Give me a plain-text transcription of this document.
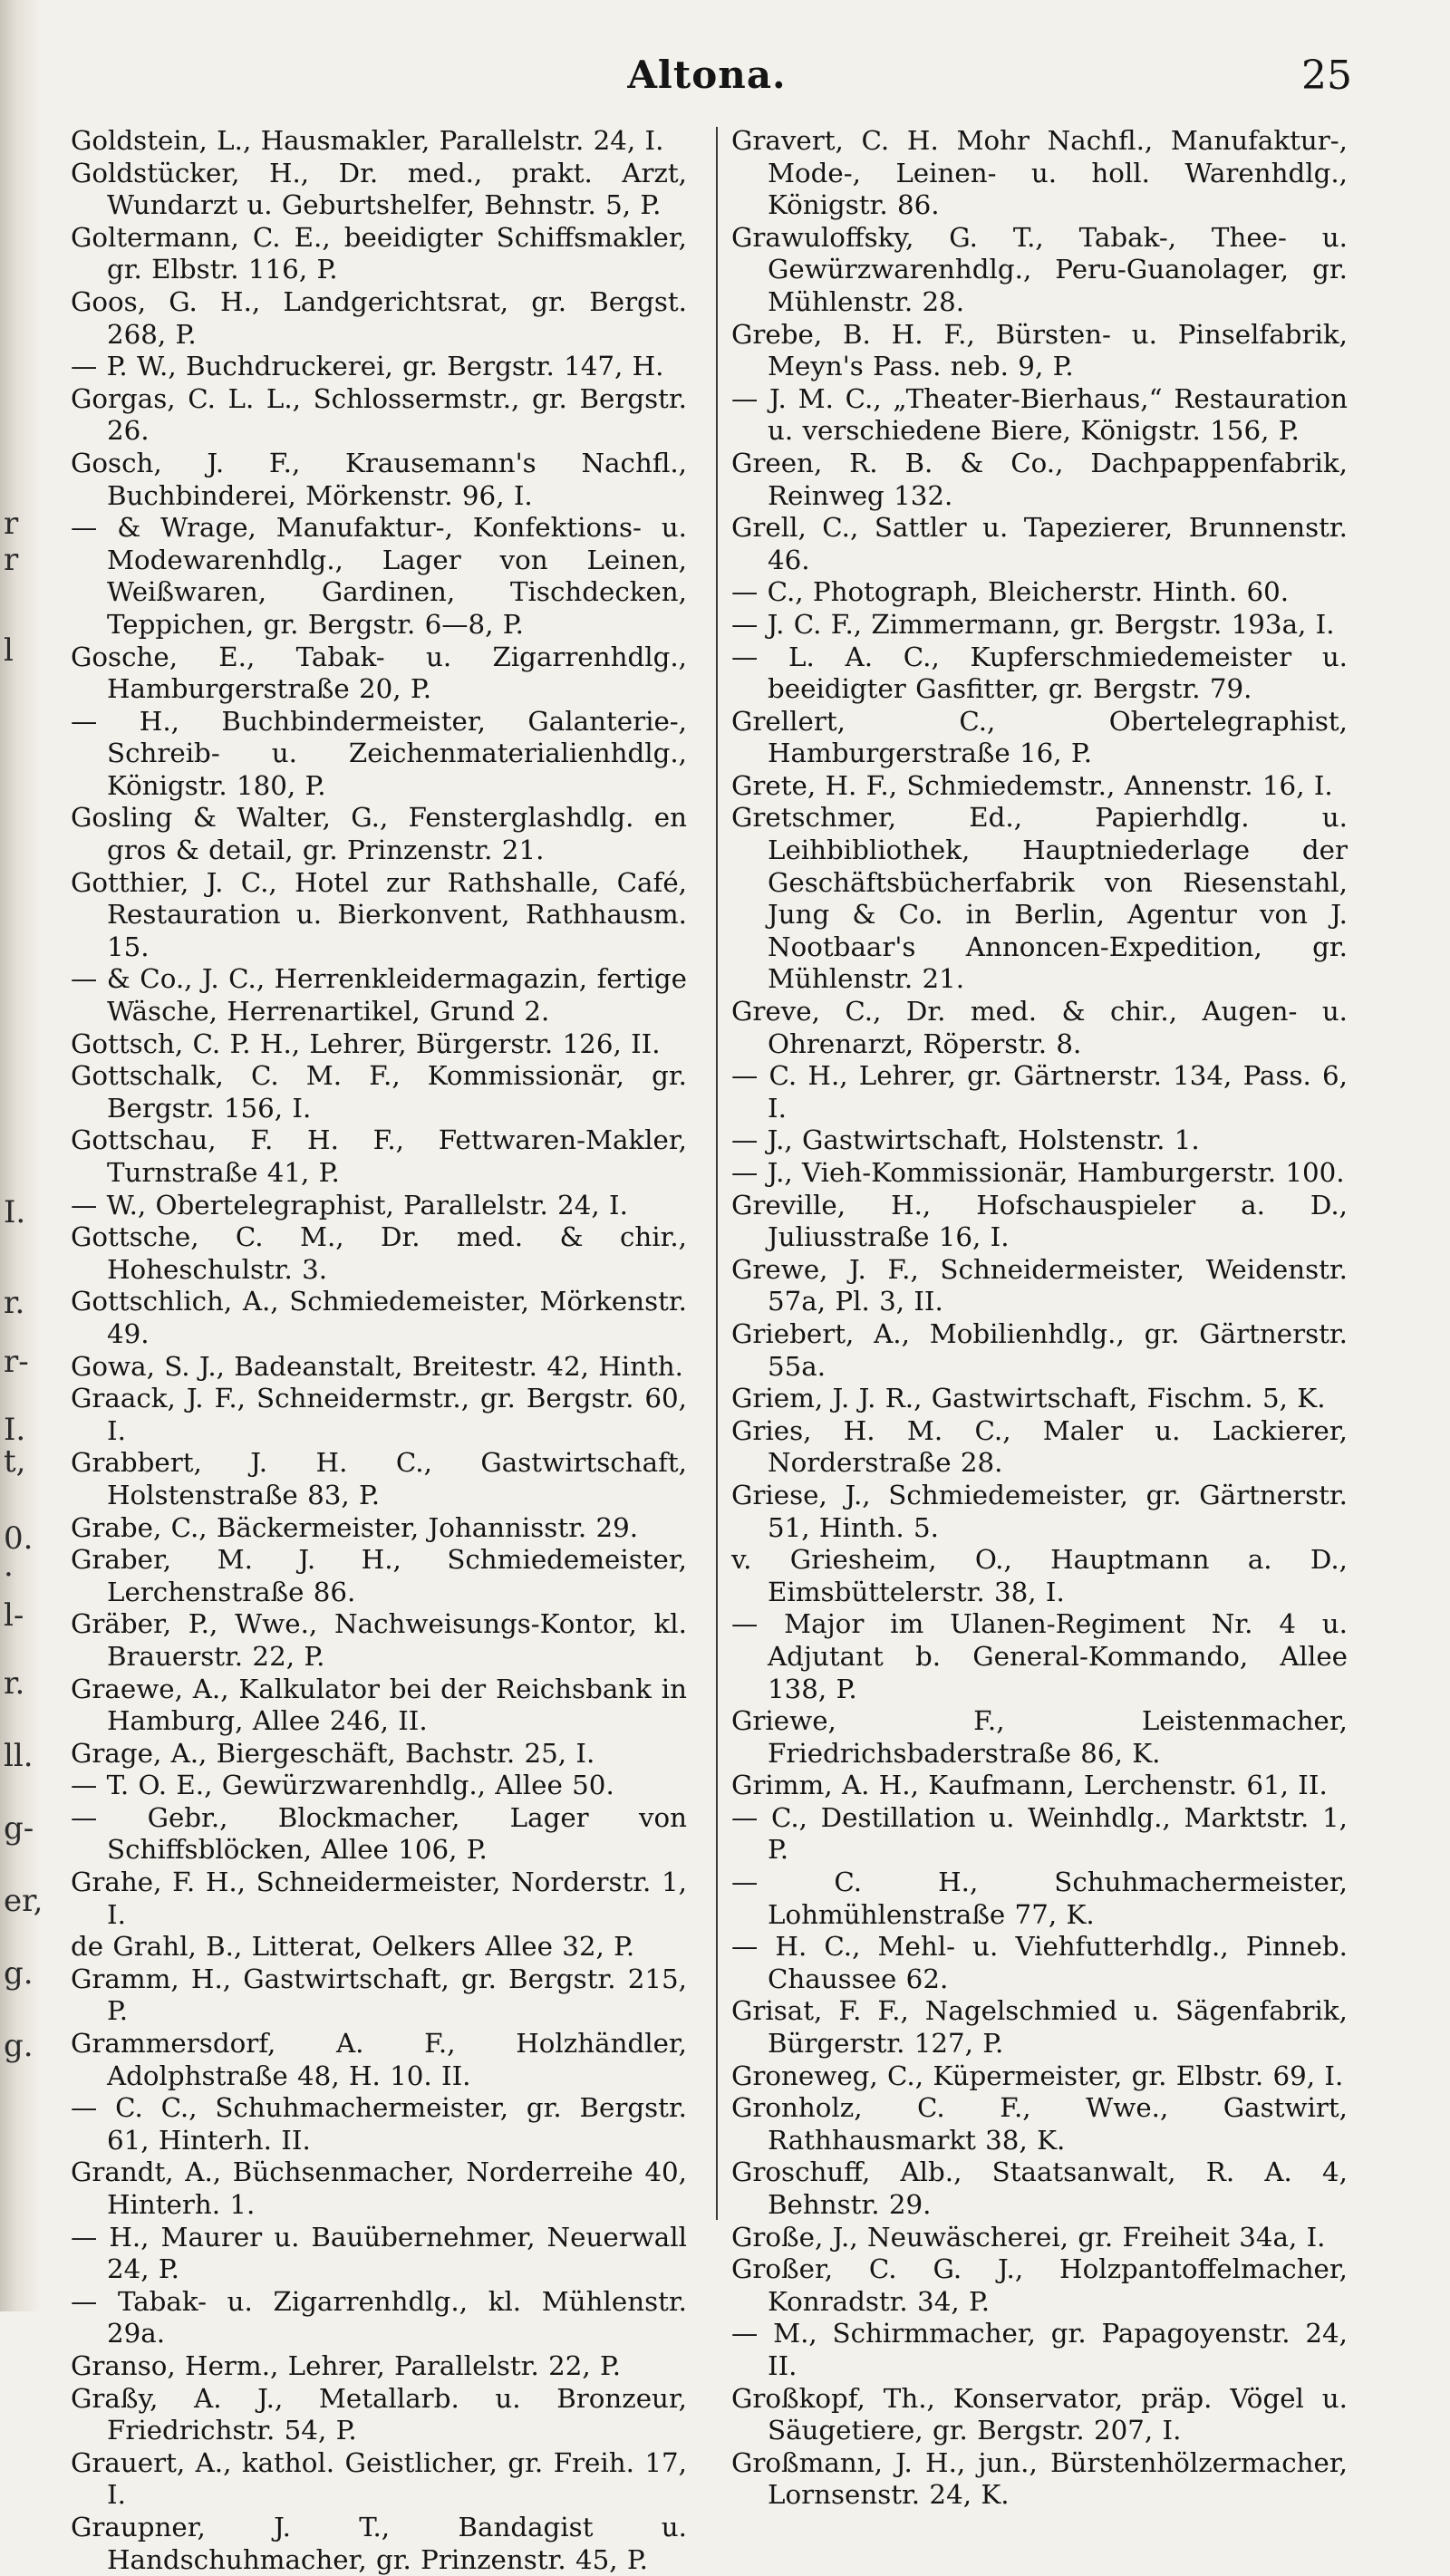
r
r
l
I.
r.
r-
I.
t,
0.
·
l-
r.
ll.
g-
er,
g.
g.
Altona.	25

Goldstein, L., Hausmakler, Parallelstr. 24, I.

Goldstücker, H., Dr. med., prakt. Arzt, Wundarzt u. Geburtshelfer, Behnstr. 5, P.

Goltermann, C. E., beeidigter Schiffsmakler, gr. Elbstr. 116, P.

Goos, G. H., Landgerichtsrat, gr. Bergst. 268, P.

— P. W., Buchdruckerei, gr. Bergstr. 147, H.

Gorgas, C. L. L., Schlossermstr., gr. Bergstr. 26.

Gosch, J. F., Krausemann's Nachfl., Buchbinderei, Mörkenstr. 96, I.

— & Wrage, Manufaktur-, Konfektions- u. Modewarenhdlg., Lager von Leinen, Weißwaren, Gardinen, Tischdecken, Teppichen, gr. Bergstr. 6—8, P.

Gosche, E., Tabak- u. Zigarrenhdlg., Hamburgerstraße 20, P.

— H., Buchbindermeister, Galanterie-, Schreib- u. Zeichenmaterialienhdlg., Königstr. 180, P.

Gosling & Walter, G., Fensterglashdlg. en gros & detail, gr. Prinzenstr. 21.

Gotthier, J. C., Hotel zur Rathshalle, Café, Restauration u. Bierkonvent, Rathhausm. 15.

— & Co., J. C., Herrenkleidermagazin, fertige Wäsche, Herrenartikel, Grund 2.

Gottsch, C. P. H., Lehrer, Bürgerstr. 126, II.

Gottschalk, C. M. F., Kommissionär, gr. Bergstr. 156, I.

Gottschau, F. H. F., Fettwaren-Makler, Turnstraße 41, P.

— W., Obertelegraphist, Parallelstr. 24, I.

Gottsche, C. M., Dr. med. & chir., Hoheschulstr. 3.

Gottschlich, A., Schmiedemeister, Mörkenstr. 49.

Gowa, S. J., Badeanstalt, Breitestr. 42, Hinth.

Graack, J. F., Schneidermstr., gr. Bergstr. 60, I.

Grabbert, J. H. C., Gastwirtschaft, Holstenstraße 83, P.

Grabe, C., Bäckermeister, Johannisstr. 29.

Graber, M. J. H., Schmiedemeister, Lerchenstraße 86.

Gräber, P., Wwe., Nachweisungs-Kontor, kl. Brauerstr. 22, P.

Graewe, A., Kalkulator bei der Reichsbank in Hamburg, Allee 246, II.

Grage, A., Biergeschäft, Bachstr. 25, I.

— T. O. E., Gewürzwarenhdlg., Allee 50.

— Gebr., Blockmacher, Lager von Schiffsblöcken, Allee 106, P.

Grahe, F. H., Schneidermeister, Norderstr. 1, I.

de Grahl, B., Litterat, Oelkers Allee 32, P.

Gramm, H., Gastwirtschaft, gr. Bergstr. 215, P.

Grammersdorf, A. F., Holzhändler, Adolphstraße 48, H. 10. II.

— C. C., Schuhmachermeister, gr. Bergstr. 61, Hinterh. II.

Grandt, A., Büchsenmacher, Norderreihe 40, Hinterh. 1.

— H., Maurer u. Bauübernehmer, Neuerwall 24, P.

— Tabak- u. Zigarrenhdlg., kl. Mühlenstr. 29a.

Granso, Herm., Lehrer, Parallelstr. 22, P.

Graßy, A. J., Metallarb. u. Bronzeur, Friedrichstr. 54, P.

Grauert, A., kathol. Geistlicher, gr. Freih. 17, I.

Graupner, J. T., Bandagist u. Handschuhmacher, gr. Prinzenstr. 45, P.

Gravert, C. H. Mohr Nachfl., Manufaktur-, Mode-, Leinen- u. holl. Warenhdlg., Königstr. 86.

Grawuloffsky, G. T., Tabak-, Thee- u. Gewürzwarenhdlg., Peru-Guanolager, gr. Mühlenstr. 28.

Grebe, B. H. F., Bürsten- u. Pinselfabrik, Meyn's Pass. neb. 9, P.

— J. M. C., „Theater-Bierhaus,“ Restauration u. verschiedene Biere, Königstr. 156, P.

Green, R. B. & Co., Dachpappenfabrik, Reinweg 132.

Grell, C., Sattler u. Tapezierer, Brunnenstr. 46.

— C., Photograph, Bleicherstr. Hinth. 60.

— J. C. F., Zimmermann, gr. Bergstr. 193a, I.

— L. A. C., Kupferschmiedemeister u. beeidigter Gasfitter, gr. Bergstr. 79.

Grellert, C., Obertelegraphist, Hamburgerstraße 16, P.

Grete, H. F., Schmiedemstr., Annenstr. 16, I.

Gretschmer, Ed., Papierhdlg. u. Leihbibliothek, Hauptniederlage der Geschäftsbücherfabrik von Riesenstahl, Jung & Co. in Berlin, Agentur von J. Nootbaar's Annoncen-Expedition, gr. Mühlenstr. 21.

Greve, C., Dr. med. & chir., Augen- u. Ohrenarzt, Röperstr. 8.

— C. H., Lehrer, gr. Gärtnerstr. 134, Pass. 6, I.

— J., Gastwirtschaft, Holstenstr. 1.

— J., Vieh-Kommissionär, Hamburgerstr. 100.

Greville, H., Hofschauspieler a. D., Juliusstraße 16, I.

Grewe, J. F., Schneidermeister, Weidenstr. 57a, Pl. 3, II.

Griebert, A., Mobilienhdlg., gr. Gärtnerstr. 55a.

Griem, J. J. R., Gastwirtschaft, Fischm. 5, K.

Gries, H. M. C., Maler u. Lackierer, Norderstraße 28.

Griese, J., Schmiedemeister, gr. Gärtnerstr. 51, Hinth. 5.

v. Griesheim, O., Hauptmann a. D., Eimsbüttelerstr. 38, I.

— Major im Ulanen-Regiment Nr. 4 u. Adjutant b. General-Kommando, Allee 138, P.

Griewe, F., Leistenmacher, Friedrichsbaderstraße 86, K.

Grimm, A. H., Kaufmann, Lerchenstr. 61, II.

— C., Destillation u. Weinhdlg., Marktstr. 1, P.

— C. H., Schuhmachermeister, Lohmühlenstraße 77, K.

— H. C., Mehl- u. Viehfutterhdlg., Pinneb. Chaussee 62.

Grisat, F. F., Nagelschmied u. Sägenfabrik, Bürgerstr. 127, P.

Groneweg, C., Küpermeister, gr. Elbstr. 69, I.

Gronholz, C. F., Wwe., Gastwirt, Rathhausmarkt 38, K.

Groschuff, Alb., Staatsanwalt, R. A. 4, Behnstr. 29.

Große, J., Neuwäscherei, gr. Freiheit 34a, I.

Großer, C. G. J., Holzpantoffelmacher, Konradstr. 34, P.

— M., Schirmmacher, gr. Papagoyenstr. 24, II.

Großkopf, Th., Konservator, präp. Vögel u. Säugetiere, gr. Bergstr. 207, I.

Großmann, J. H., jun., Bürstenhölzermacher, Lornsenstr. 24, K.
